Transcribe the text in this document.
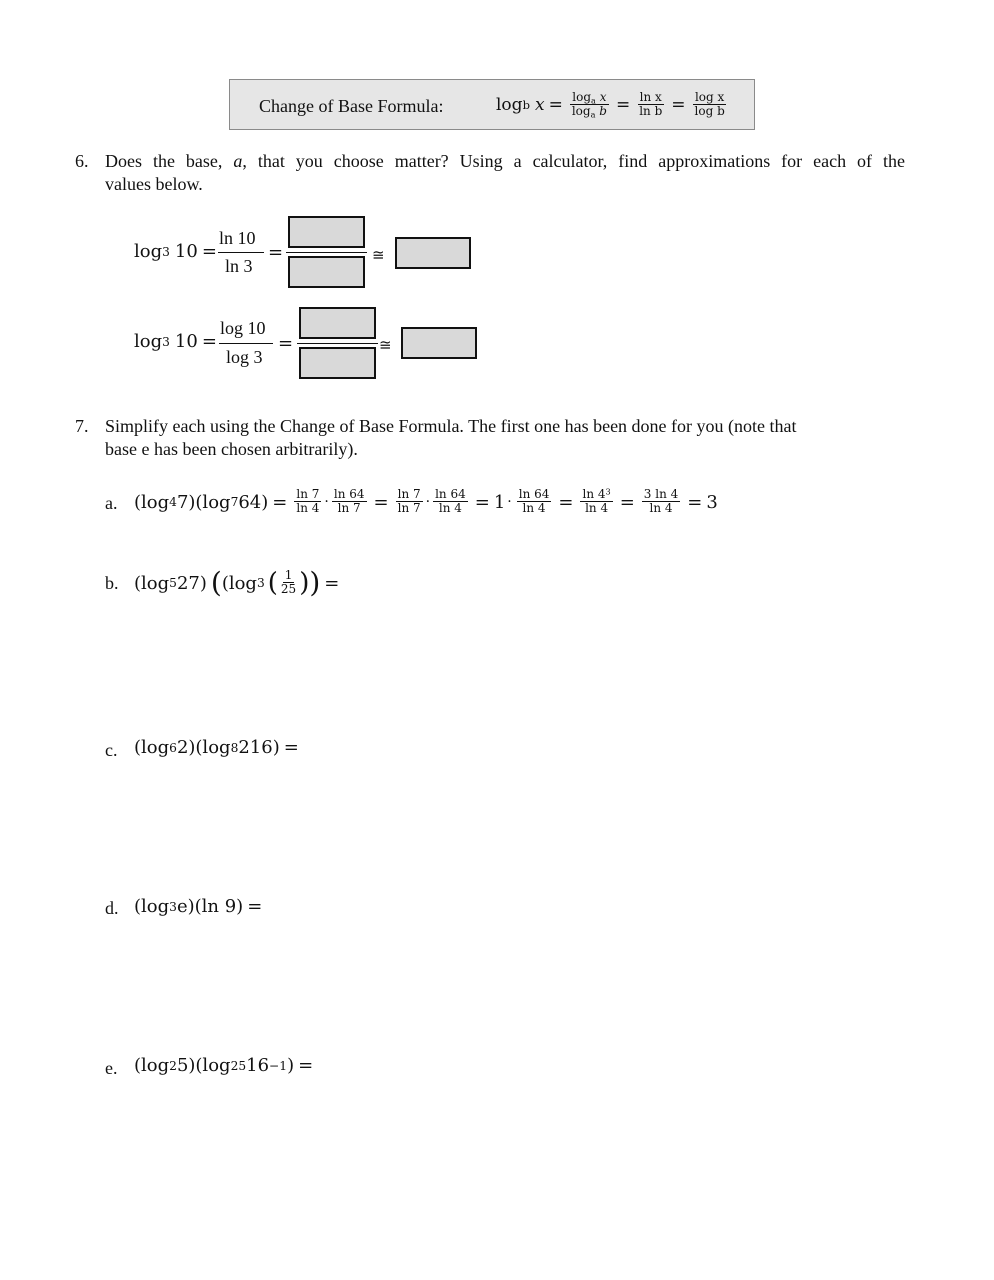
Change of Base Formula:	log b $x = \frac{\log_a x}{\log_a b} = \frac{\text{ln x}}{\text{ln b}} = \frac{\text{log x}}{\text{log b}}$
6. Does the base, a, that you choose matter? Using a calculator, find approximations for each of the
values below.
log 3 10 =
ln 10
ln 3
=	≅
log 3 10 =
log 10
log 3
=	≅
7. Simplify each using the Change of Base Formula. The first one has been done for you (note that
base e has been chosen arbitrarily).
a. (log 4 7)(log 7 $64) = \frac{\ln 7}{\ln 4} \cdot \frac{\ln 64}{\ln 7} = \frac{\ln 7}{\ln 7} \cdot \frac{\ln 64}{\ln 4} = 1 \cdot \frac{\ln 64}{\ln 4} = \frac{\ln 4^3}{\ln 4} = \frac{3 \ln 4}{\ln 4} = 3$
b. (log 5 27) ( (log 3 ( $\frac{1}{25}$ ) ) =
c. (log 6 2)(log 8 216) =
d. (log 3 e)(ln 9) =
e. (log 2 5)(log 25 16 −1 ) =
